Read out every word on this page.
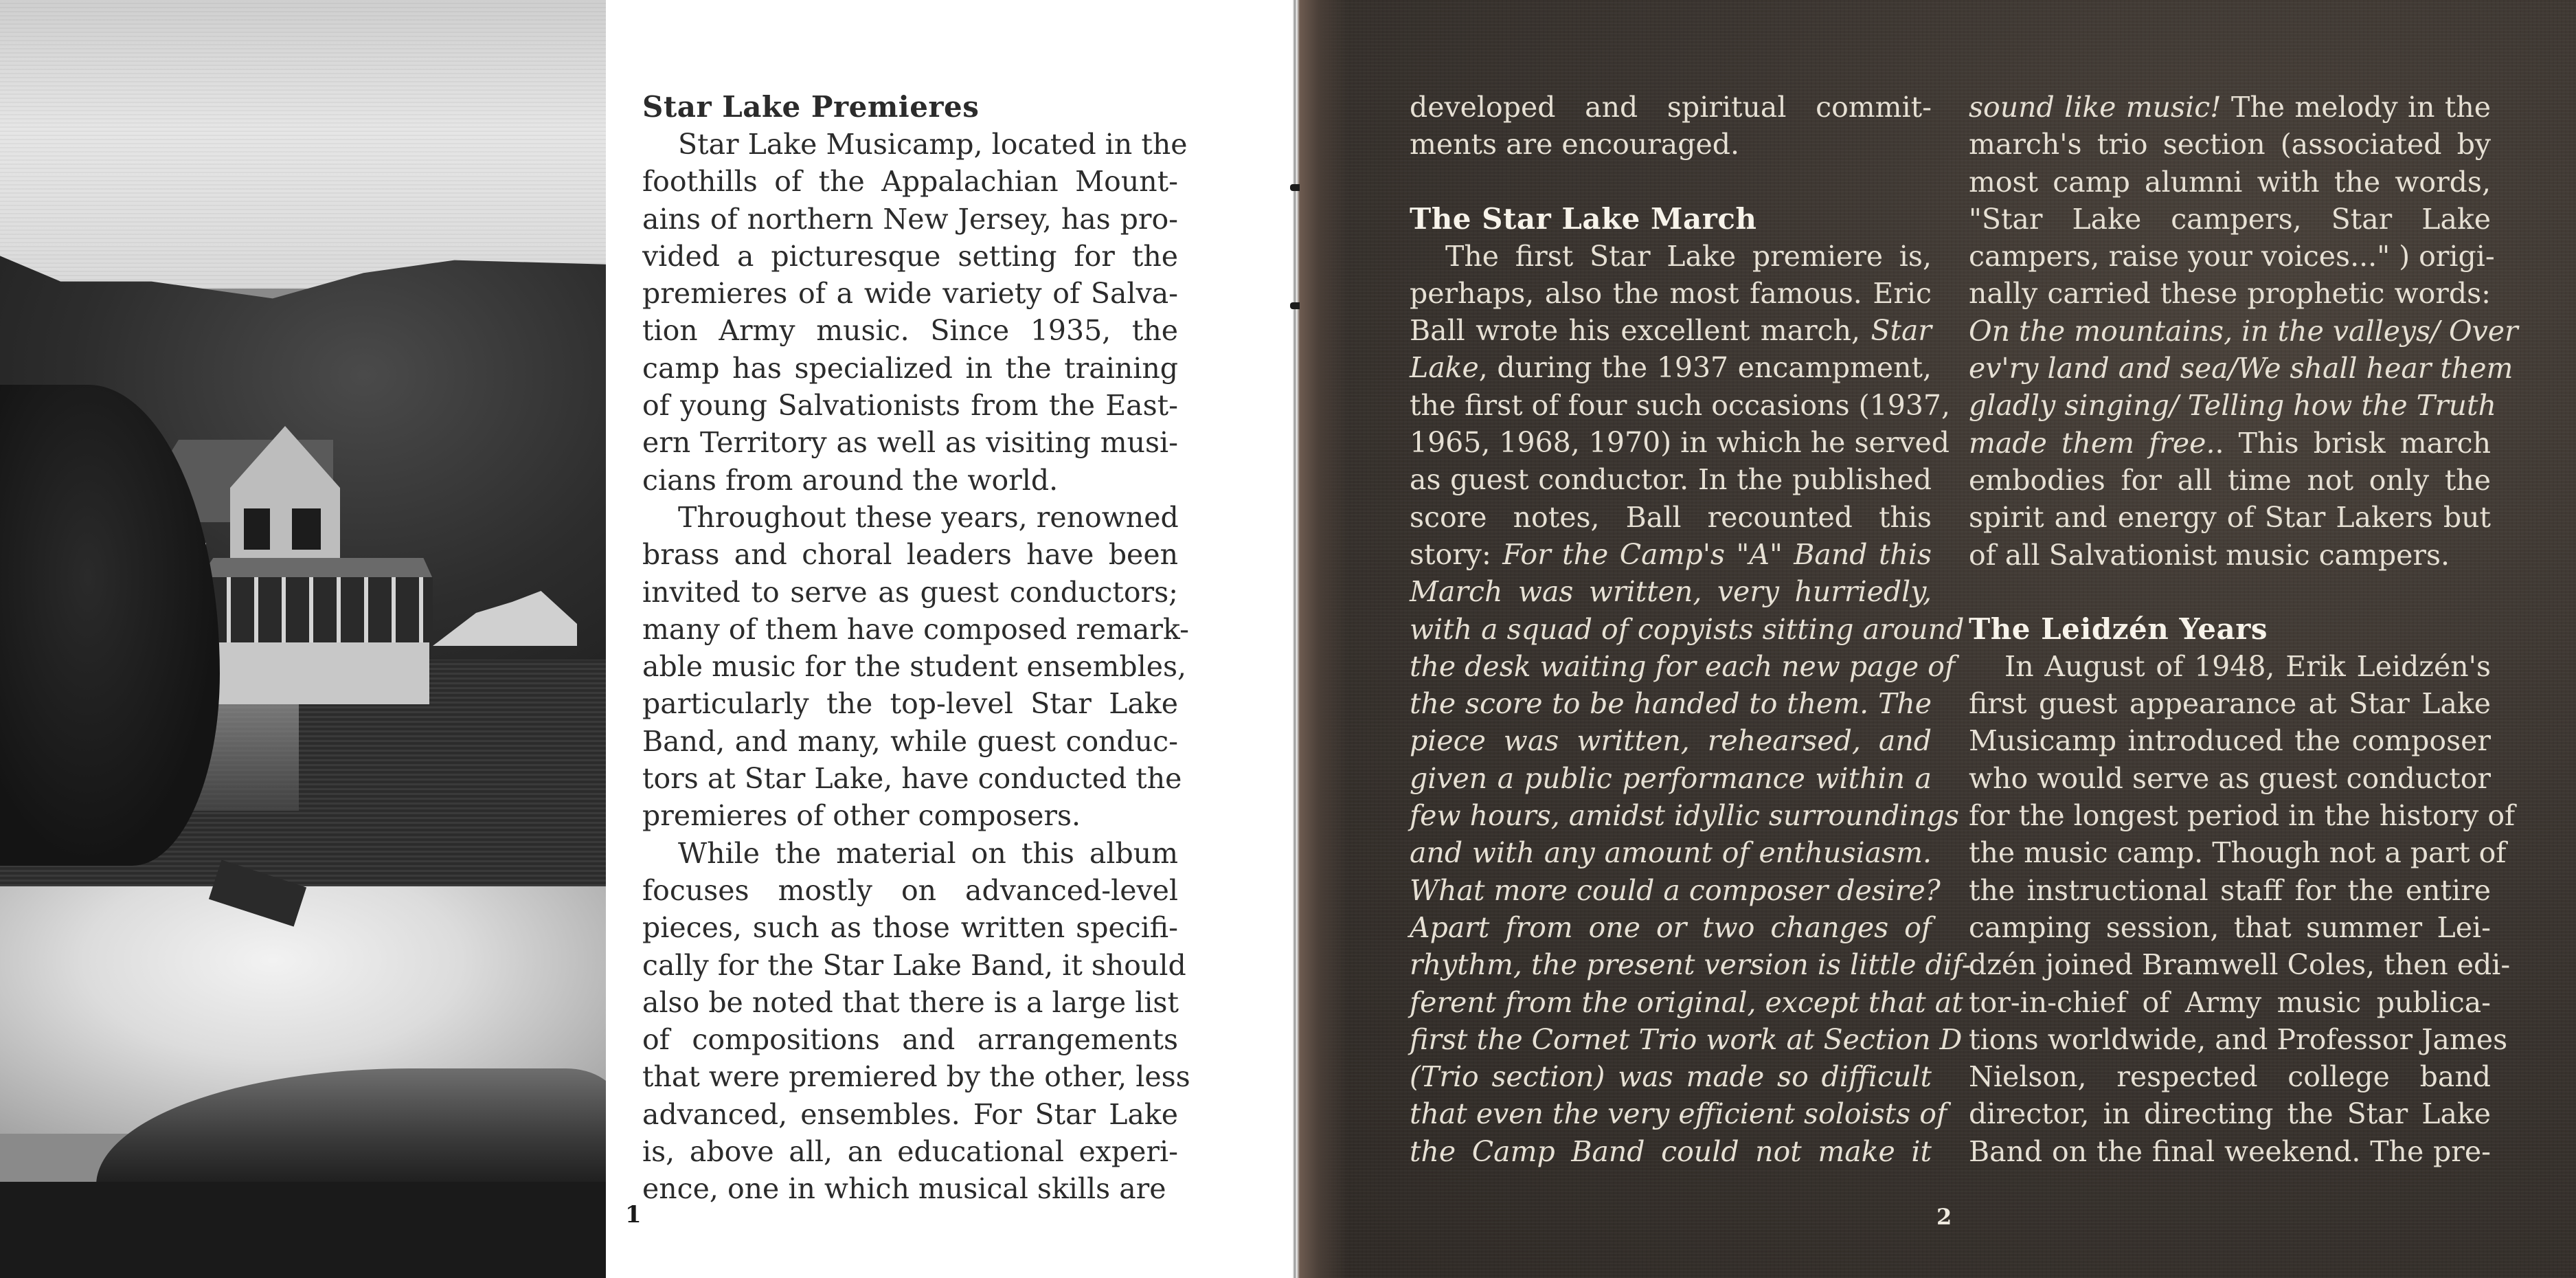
Star Lake Premieres
Star Lake Musicamp, located in the
foothills of the Appalachian Mount-
ains of northern New Jersey, has pro-
vided a picturesque setting for the
premieres of a wide variety of Salva-
tion Army music. Since 1935, the
camp has specialized in the training
of young Salvationists from the East-
ern Territory as well as visiting musi-
cians from around the world.
Throughout these years, renowned
brass and choral leaders have been
invited to serve as guest conductors;
many of them have composed remark-
able music for the student ensembles,
particularly the top-level Star Lake
Band, and many, while guest conduc-
tors at Star Lake, have conducted the
premieres of other composers.
While the material on this album
focuses mostly on advanced-level
pieces, such as those written specifi-
cally for the Star Lake Band, it should
also be noted that there is a large list
of compositions and arrangements
that were premiered by the other, less
advanced, ensembles. For Star Lake
is, above all, an educational experi-
ence, one in which musical skills are
1
developed and spiritual commit-
ments are encouraged.
The Star Lake March
The first Star Lake premiere is,
perhaps, also the most famous. Eric
Ball wrote his excellent march, Star
Lake, during the 1937 encampment,
the first of four such occasions (1937,
1965, 1968, 1970) in which he served
as guest conductor. In the published
score notes, Ball recounted this
story: For the Camp's "A" Band this
March was written, very hurriedly,
with a squad of copyists sitting around
the desk waiting for each new page of
the score to be handed to them. The
piece was written, rehearsed, and
given a public performance within a
few hours, amidst idyllic surroundings
and with any amount of enthusiasm.
What more could a composer desire?
Apart from one or two changes of
rhythm, the present version is little dif-
ferent from the original, except that at
first the Cornet Trio work at Section D
(Trio section) was made so difficult
that even the very efficient soloists of
the Camp Band could not make it
sound like music! The melody in the
march's trio section (associated by
most camp alumni with the words,
"Star Lake campers, Star Lake
campers, raise your voices..." ) origi-
nally carried these prophetic words:
On the mountains, in the valleys/ Over
ev'ry land and sea/We shall hear them
gladly singing/ Telling how the Truth
made them free.. This brisk march
embodies for all time not only the
spirit and energy of Star Lakers but
of all Salvationist music campers.
The Leidzén Years
In August of 1948, Erik Leidzén's
first guest appearance at Star Lake
Musicamp introduced the composer
who would serve as guest conductor
for the longest period in the history of
the music camp. Though not a part of
the instructional staff for the entire
camping session, that summer Lei-
dzén joined Bramwell Coles, then edi-
tor-in-chief of Army music publica-
tions worldwide, and Professor James
Nielson, respected college band
director, in directing the Star Lake
Band on the final weekend. The pre-
2
